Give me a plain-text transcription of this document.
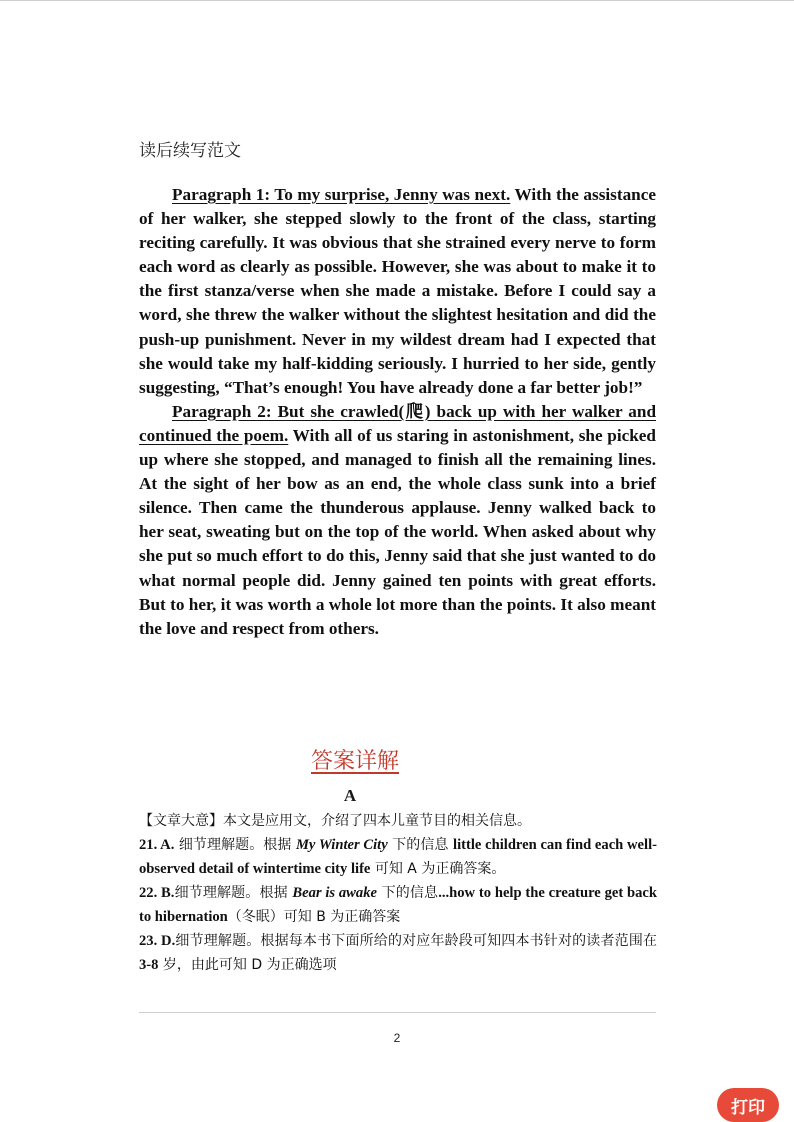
读后续写范文

Paragraph 1: To my surprise, Jenny was next. With the assistance of her walker, she stepped slowly to the front of the class, starting reciting carefully. It was obvious that she strained every nerve to form each word as clearly as possible. However, she was about to make it to the first stanza/verse when she made a mistake. Before I could say a word, she threw the walker without the slightest hesitation and did the push-up punishment. Never in my wildest dream had I expected that she would take my half-kidding seriously. I hurried to her side, gently suggesting, “That’s enough! You have already done a far better job!”

Paragraph 2: But she crawled(爬) back up with her walker and continued the poem. With all of us staring in astonishment, she picked up where she stopped, and managed to finish all the remaining lines. At the sight of her bow as an end, the whole class sunk into a brief silence. Then came the thunderous applause. Jenny walked back to her seat, sweating but on the top of the world. When asked about why she put so much effort to do this, Jenny said that she just wanted to do what normal people did. Jenny gained ten points with great efforts. But to her, it was worth a whole lot more than the points. It also meant the love and respect from others.

答案详解
A
【文章大意】本文是应用文，介绍了四本儿童节目的相关信息。
21. A. 细节理解题。根据 My Winter City 下的信息 little children can find each well-observed detail of wintertime city life 可知 A 为正确答案。
22. B.细节理解题。根据 Bear is awake 下的信息...how to help the creature get back to hibernation（冬眠）可知 B 为正确答案
23. D.细节理解题。根据每本书下面所给的对应年龄段可知四本书针对的读者范围在 3-8 岁，由此可知 D 为正确选项
2
打印
